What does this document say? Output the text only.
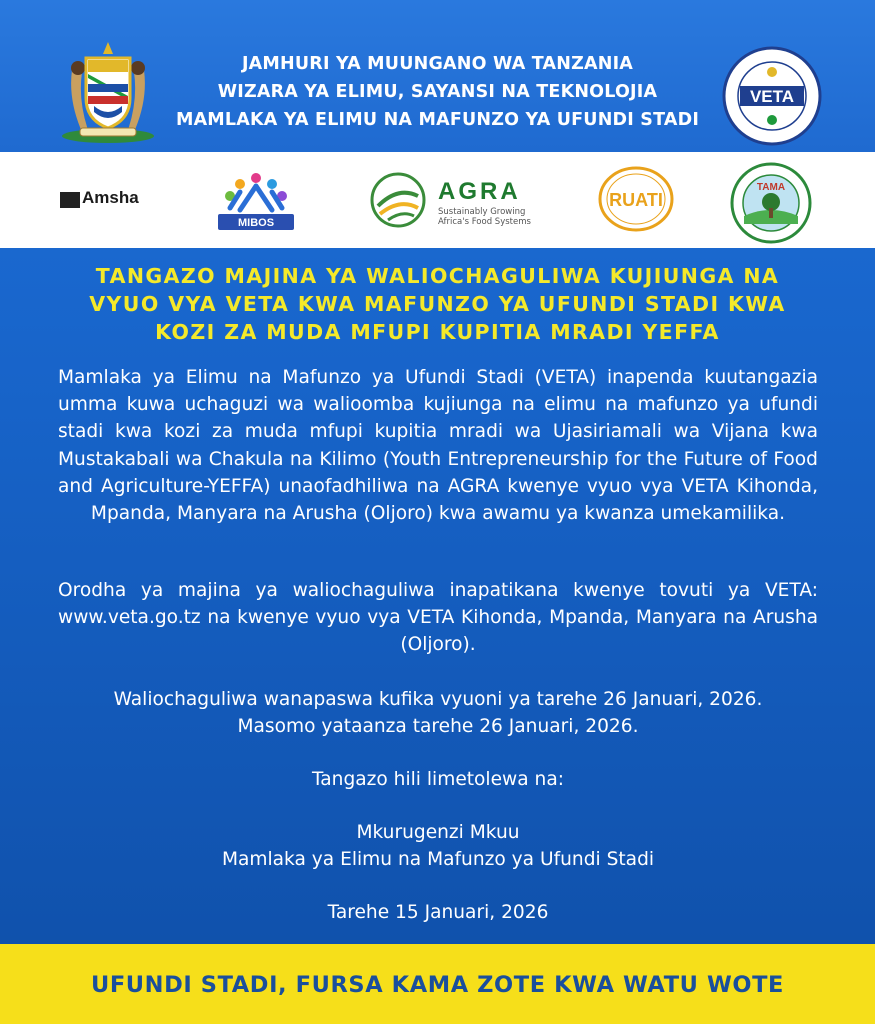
JAMHURI YA MUUNGANO WA TANZANIA
WIZARA YA ELIMU, SAYANSI NA TEKNOLOJIA
MAMLAKA YA ELIMU NA MAFUNZO YA UFUNDI STADI
VETA
Amsha
MIBOS
AGRA
Sustainably Growing Africa's Food Systems
RUATI
TAMA
TANGAZO MAJINA YA WALIOCHAGULIWA KUJIUNGA NA
VYUO VYA VETA KWA MAFUNZO YA UFUNDI STADI KWA
KOZI ZA MUDA MFUPI KUPITIA MRADI YEFFA

Mamlaka ya Elimu na Mafunzo ya Ufundi Stadi (VETA) inapenda kuutangazia umma kuwa uchaguzi wa walioomba kujiunga na elimu na mafunzo ya ufundi stadi kwa kozi za muda mfupi kupitia mradi wa Ujasiriamali wa Vijana kwa Mustakabali wa Chakula na Kilimo (Youth Entrepreneurship for the Future of Food and Agriculture-YEFFA) unaofadhiliwa na AGRA kwenye vyuo vya VETA Kihonda, Mpanda, Manyara na Arusha (Oljoro) kwa awamu ya kwanza umekamilika.

Orodha ya majina ya waliochaguliwa inapatikana kwenye tovuti ya VETA: www.veta.go.tz na kwenye vyuo vya VETA Kihonda, Mpanda, Manyara na Arusha (Oljoro).

Waliochaguliwa wanapaswa kufika vyuoni ya tarehe 26 Januari, 2026.
Masomo yataanza tarehe 26 Januari, 2026.
Tangazo hili limetolewa na:
Mkurugenzi Mkuu
Mamlaka ya Elimu na Mafunzo ya Ufundi Stadi
Tarehe 15 Januari, 2026
UFUNDI STADI, FURSA KAMA ZOTE KWA WATU WOTE
